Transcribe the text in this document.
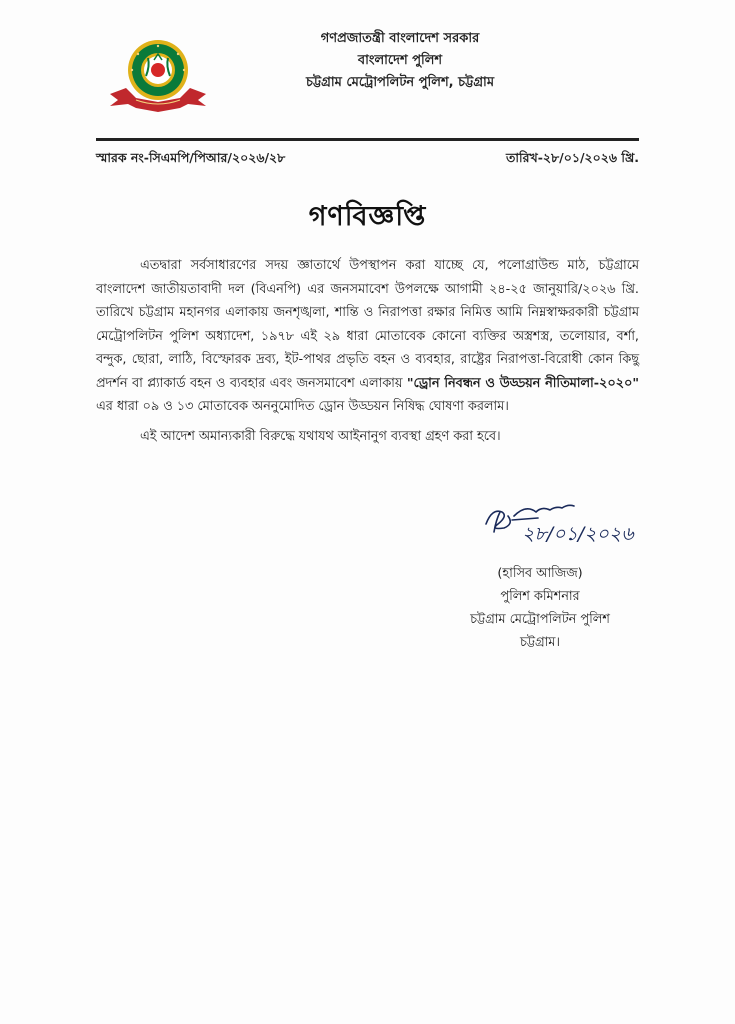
গণপ্রজাতন্ত্রী বাংলাদেশ সরকার
বাংলাদেশ পুলিশ
চট্টগ্রাম মেট্রোপলিটন পুলিশ, চট্টগ্রাম
স্মারক নং-সিএমপি/পিআর/২০২৬/২৮	তারিখ-২৮/০১/২০২৬ খ্রি.
গণবিজ্ঞপ্তি

এতদ্বারা সর্বসাধারণের সদয় জ্ঞাতার্থে উপস্থাপন করা যাচ্ছে যে, পলোগ্রাউন্ড মাঠ, চট্টগ্রামে বাংলাদেশ জাতীয়তাবাদী দল (বিএনপি) এর জনসমাবেশ উপলক্ষে আগামী ২৪-২৫ জানুয়ারি/২০২৬ খ্রি. তারিখে চট্টগ্রাম মহানগর এলাকায় জনশৃঙ্খলা, শান্তি ও নিরাপত্তা রক্ষার নিমিত্ত আমি নিম্নস্বাক্ষরকারী চট্টগ্রাম মেট্রোপলিটন পুলিশ অধ্যাদেশ, ১৯৭৮ এই ২৯ ধারা মোতাবেক কোনো ব্যক্তির অস্ত্রশস্ত্র, তলোয়ার, বর্শা, বন্দুক, ছোরা, লাঠি, বিস্ফোরক দ্রব্য, ইট-পাথর প্রভৃতি বহন ও ব্যবহার, রাষ্ট্রের নিরাপত্তা-বিরোধী কোন কিছু প্রদর্শন বা প্ল্যাকার্ড বহন ও ব্যবহার এবং জনসমাবেশ এলাকায় "ড্রোন নিবন্ধন ও উড্ডয়ন নীতিমালা-২০২০" এর ধারা ০৯ ও ১৩ মোতাবেক অননুমোদিত ড্রোন উড্ডয়ন নিষিদ্ধ ঘোষণা করলাম।

এই আদেশ অমান্যকারী বিরুদ্ধে যথাযথ আইনানুগ ব্যবস্থা গ্রহণ করা হবে।

২৮/০১/২০২৬
(হাসিব আজিজ)
পুলিশ কমিশনার
চট্টগ্রাম মেট্রোপলিটন পুলিশ
চট্টগ্রাম।
